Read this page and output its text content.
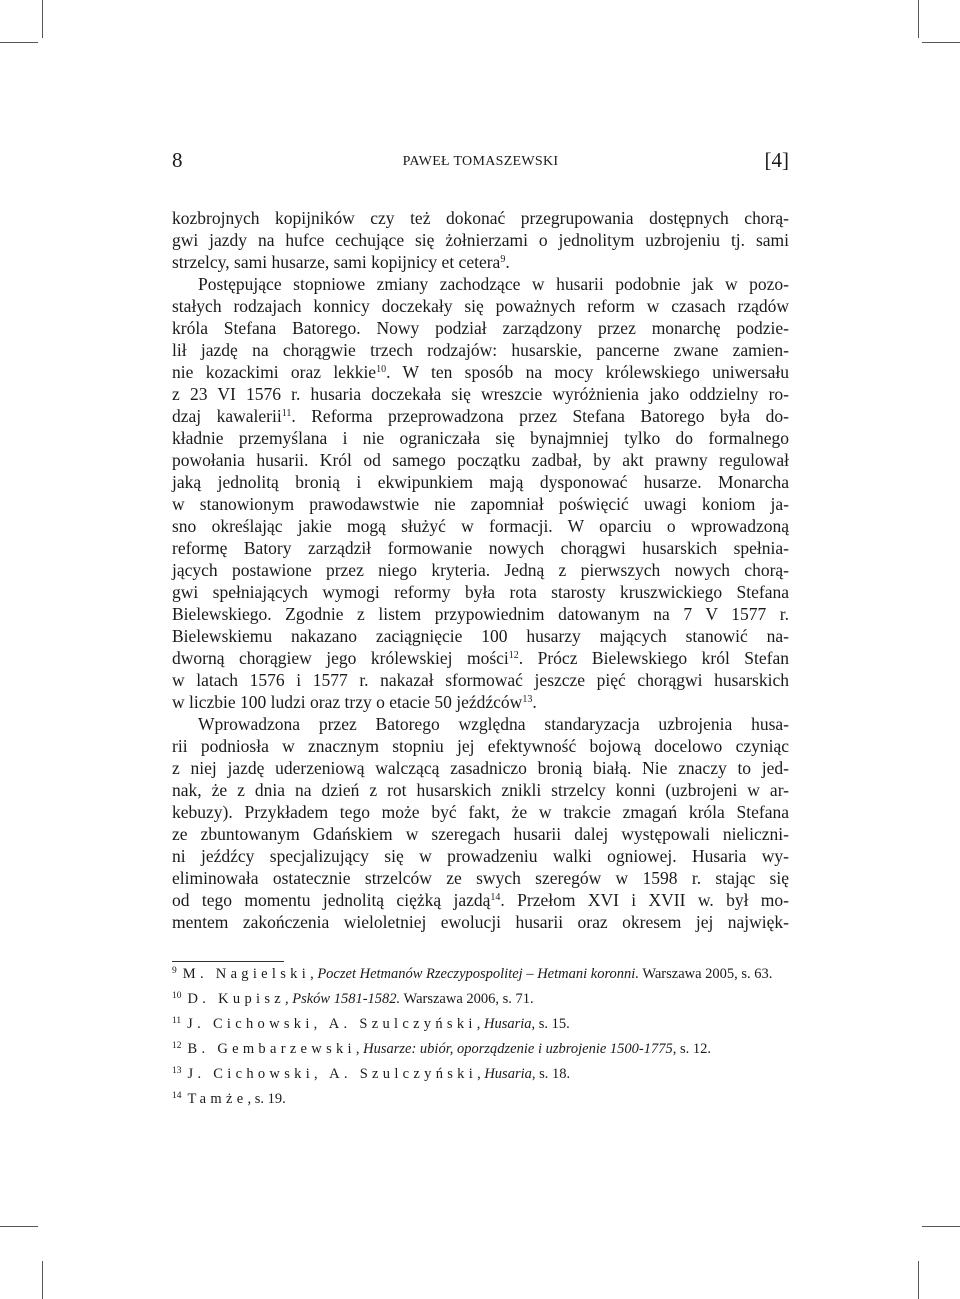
8	PAWEŁ TOMASZEWSKI	[4]
kozbrojnych kopijników czy też dokonać przegrupowania dostępnych chorą-
gwi jazdy na hufce cechujące się żołnierzami o jednolitym uzbrojeniu tj. sami
strzelcy, sami husarze, sami kopijnicy et cetera$^9$.
Postępujące stopniowe zmiany zachodzące w husarii podobnie jak w pozo-
stałych rodzajach konnicy doczekały się poważnych reform w czasach rządów
króla Stefana Batorego. Nowy podział zarządzony przez monarchę podzie-
lił jazdę na chorągwie trzech rodzajów: husarskie, pancerne zwane zamien-
nie kozackimi oraz lekkie$^{10}$. W ten sposób na mocy królewskiego uniwersału
z 23 VI 1576 r. husaria doczekała się wreszcie wyróżnienia jako oddzielny ro-
dzaj kawalerii$^{11}$. Reforma przeprowadzona przez Stefana Batorego była do-
kładnie przemyślana i nie ograniczała się bynajmniej tylko do formalnego
powołania husarii. Król od samego początku zadbał, by akt prawny regulował
jaką jednolitą bronią i ekwipunkiem mają dysponować husarze. Monarcha
w stanowionym prawodawstwie nie zapomniał poświęcić uwagi koniom ja-
sno określając jakie mogą służyć w formacji. W oparciu o wprowadzoną
reformę Batory zarządził formowanie nowych chorągwi husarskich spełnia-
jących postawione przez niego kryteria. Jedną z pierwszych nowych chorą-
gwi spełniających wymogi reformy była rota starosty kruszwickiego Stefana
Bielewskiego. Zgodnie z listem przypowiednim datowanym na 7 V 1577 r.
Bielewskiemu nakazano zaciągnięcie 100 husarzy mających stanowić na-
dworną chorągiew jego królewskiej mości$^{12}$. Prócz Bielewskiego król Stefan
w latach 1576 i 1577 r. nakazał sformować jeszcze pięć chorągwi husarskich
w liczbie 100 ludzi oraz trzy o etacie 50 jeźdźców$^{13}$.
Wprowadzona przez Batorego względna standaryzacja uzbrojenia husa-
rii podniosła w znacznym stopniu jej efektywność bojową docelowo czyniąc
z niej jazdę uderzeniową walczącą zasadniczo bronią białą. Nie znaczy to jed-
nak, że z dnia na dzień z rot husarskich znikli strzelcy konni (uzbrojeni w ar-
kebuzy). Przykładem tego może być fakt, że w trakcie zmagań króla Stefana
ze zbuntowanym Gdańskiem w szeregach husarii dalej występowali nieliczni-
ni jeźdźcy specjalizujący się w prowadzeniu walki ogniowej. Husaria wy-
eliminowała ostatecznie strzelców ze swych szeregów w 1598 r. stając się
od tego momentu jednolitą ciężką jazdą$^{14}$. Przełom XVI i XVII w. był mo-
mentem zakończenia wieloletniej ewolucji husarii oraz okresem jej najwięk-
$^9$ M. Nagielski, Poczet Hetmanów Rzeczypospolitej – Hetmani koronni. Warszawa 2005, s. 63.
$^{10}$ D. Kupisz, Psków 1581-1582. Warszawa 2006, s. 71.
$^{11}$ J. Cichowski, A. Szulczyński, Husaria, s. 15.
$^{12}$ B. Gembarzewski, Husarze: ubiór, oporządzenie i uzbrojenie 1500-1775, s. 12.
$^{13}$ J. Cichowski, A. Szulczyński, Husaria, s. 18.
$^{14}$ Tamże, s. 19.
